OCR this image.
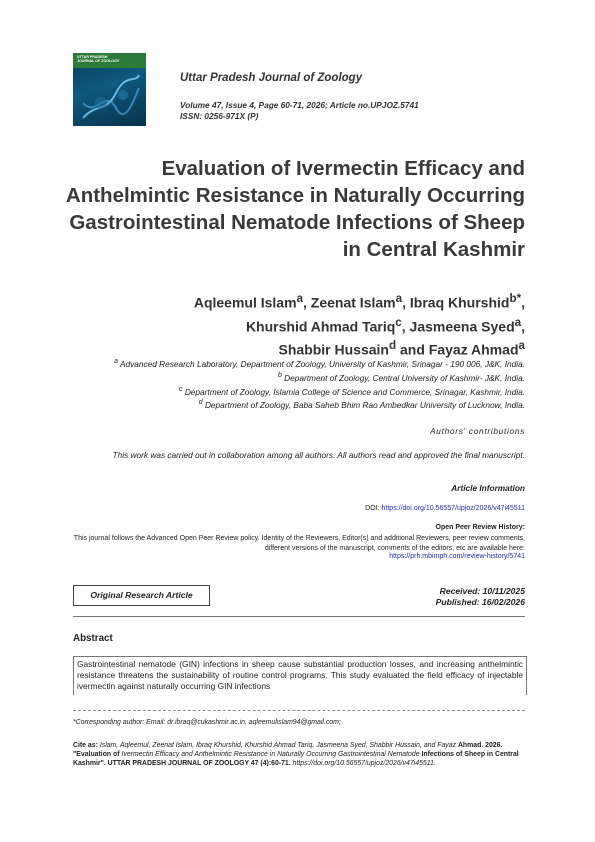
UTTAR PRADESH
JOURNAL OF ZOOLOGY
Uttar Pradesh Journal of Zoology
Volume 47, Issue 4, Page 60-71, 2026; Article no.UPJOZ.5741
ISSN: 0256-971X (P)
Evaluation of Ivermectin Efficacy and Anthelmintic Resistance in Naturally Occurring Gastrointestinal Nematode Infections of Sheep in Central Kashmir
Aqleemul Islam$^a$, Zeenat Islam$^a$, Ibraq Khurshid$^{b*}$,
Khurshid Ahmad Tariq$^c$, Jasmeena Syed$^a$,
Shabbir Hussain$^d$ and Fayaz Ahmad$^a$

$^a$ Advanced Research Laboratory, Department of Zoology, University of Kashmir, Srinagar - 190 006, J&K, India.

$^b$ Department of Zoology, Central University of Kashmir- J&K, India.

$^c$ Department of Zoology, Islamia College of Science and Commerce, Srinagar, Kashmir, India.

$^d$ Department of Zoology, Baba Saheb Bhim Rao Ambedkar University of Lucknow, India.

Authors' contributions
This work was carried out in collaboration among all authors. All authors read and approved the final manuscript.
Article Information
DOI: https://doi.org/10.56557/upjoz/2026/v47i45511
Open Peer Review History:
This journal follows the Advanced Open Peer Review policy. Identity of the Reviewers, Editor(s) and additional Reviewers, peer review comments, different versions of the manuscript, comments of the editors, etc are available here:
https://prh.mbimph.com/review-history/5741
Original Research Article	Received: 10/11/2025
Published: 16/02/2026
Abstract
Gastrointestinal nematode (GIN) infections in sheep cause substantial production losses, and increasing anthelmintic resistance threatens the sustainability of routine control programs. This study evaluated the field efficacy of injectable ivermectin against naturally occurring GIN infections
*Corresponding author: Email: dr.ibraq@cukashmir.ac.in, aqleemulislam94@gmail.com;
Cite as: Islam, Aqleemul, Zeenat Islam, Ibraq Khurshid, Khurshid Ahmad Tariq, Jasmeena Syed, Shabbir Hussain, and Fayaz Ahmad. 2026. "Evaluation of Ivermectin Efficacy and Anthelmintic Resistance in Naturally Occurring Gastrointestinal Nematode Infections of Sheep in Central Kashmir". UTTAR PRADESH JOURNAL OF ZOOLOGY 47 (4):60-71. https://doi.org/10.56557/upjoz/2026/v47i45511.
